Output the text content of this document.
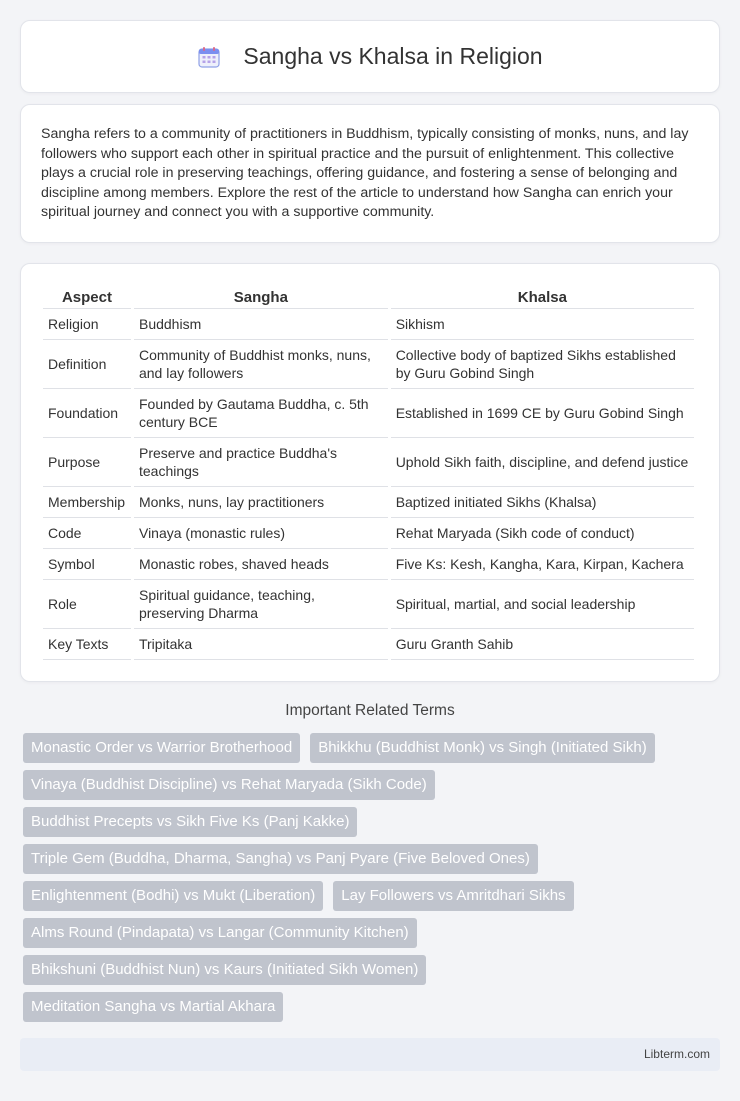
Sangha vs Khalsa in Religion

Sangha refers to a community of practitioners in Buddhism, typically consisting of monks, nuns, and lay followers who support each other in spiritual practice and the pursuit of enlightenment. This collective plays a crucial role in preserving teachings, offering guidance, and fostering a sense of belonging and discipline among members. Explore the rest of the article to understand how Sangha can enrich your spiritual journey and connect you with a supportive community.

Aspect	Sangha	Khalsa
Religion	Buddhism	Sikhism
Definition	Community of Buddhist monks, nuns, and lay followers	Collective body of baptized Sikhs established by Guru Gobind Singh
Foundation	Founded by Gautama Buddha, c. 5th century BCE	Established in 1699 CE by Guru Gobind Singh
Purpose	Preserve and practice Buddha's teachings	Uphold Sikh faith, discipline, and defend justice
Membership	Monks, nuns, lay practitioners	Baptized initiated Sikhs (Khalsa)
Code	Vinaya (monastic rules)	Rehat Maryada (Sikh code of conduct)
Symbol	Monastic robes, shaved heads	Five Ks: Kesh, Kangha, Kara, Kirpan, Kachera
Role	Spiritual guidance, teaching, preserving Dharma	Spiritual, martial, and social leadership
Key Texts	Tripitaka	Guru Granth Sahib
Important Related Terms
Monastic Order vs Warrior Brotherhood Bhikkhu (Buddhist Monk) vs Singh (Initiated Sikh)
Vinaya (Buddhist Discipline) vs Rehat Maryada (Sikh Code)
Buddhist Precepts vs Sikh Five Ks (Panj Kakke)
Triple Gem (Buddha, Dharma, Sangha) vs Panj Pyare (Five Beloved Ones)
Enlightenment (Bodhi) vs Mukt (Liberation) Lay Followers vs Amritdhari Sikhs
Alms Round (Pindapata) vs Langar (Community Kitchen)
Bhikshuni (Buddhist Nun) vs Kaurs (Initiated Sikh Women)
Meditation Sangha vs Martial Akhara
Libterm.com
